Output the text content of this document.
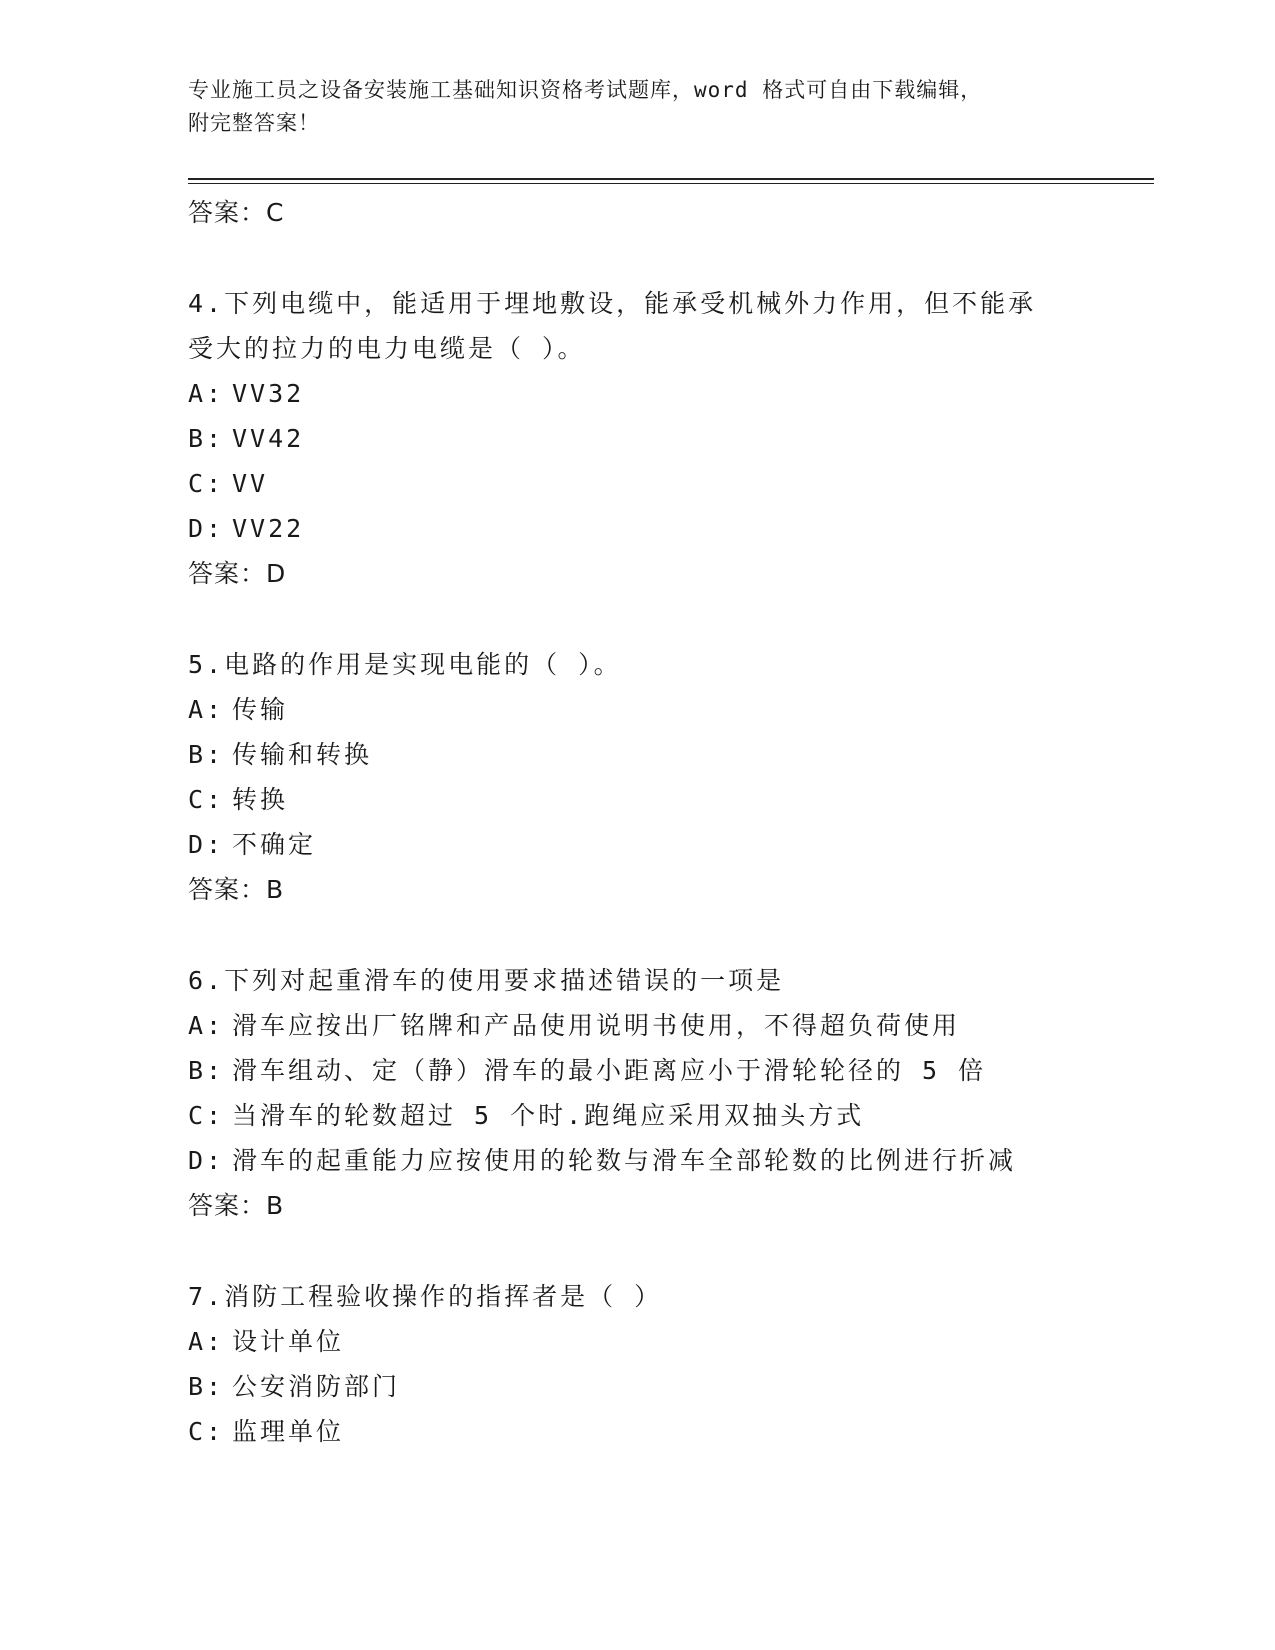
专业施工员之设备安装施工基础知识资格考试题库，word 格式可自由下载编辑，
附完整答案！
答案：C
4.下列电缆中，能适用于埋地敷设，能承受机械外力作用，但不能承
受大的拉力的电力电缆是（ ）。
A: VV32
B: VV42
C: VV
D: VV22
答案：D
5.电路的作用是实现电能的（ ）。
A: 传输
B: 传输和转换
C: 转换
D: 不确定
答案：B
6.下列对起重滑车的使用要求描述错误的一项是
A: 滑车应按出厂铭牌和产品使用说明书使用，不得超负荷使用
B: 滑车组动、定（静）滑车的最小距离应小于滑轮轮径的 5 倍
C: 当滑车的轮数超过 5 个时.跑绳应采用双抽头方式
D: 滑车的起重能力应按使用的轮数与滑车全部轮数的比例进行折减
答案：B
7.消防工程验收操作的指挥者是（ ）
A: 设计单位
B: 公安消防部门
C: 监理单位
